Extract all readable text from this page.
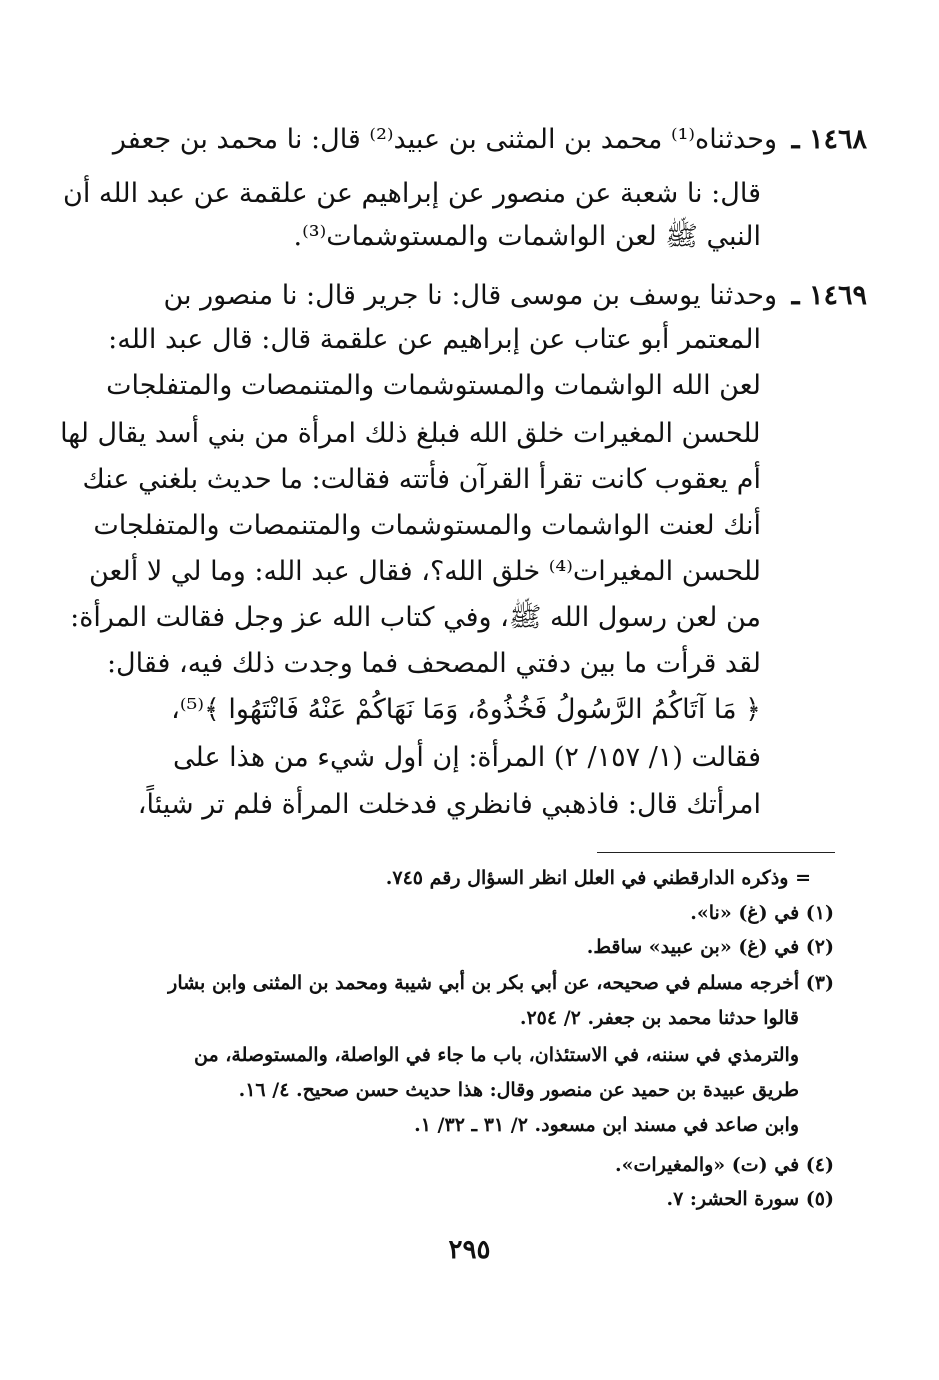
١٤٦٨ ـ
وحدثناه⁽¹⁾ محمد بن المثنى بن عبيد⁽²⁾ قال: نا محمد بن جعفر
قال: نا شعبة عن منصور عن إبراهيم عن علقمة عن عبد الله أن
النبي ﷺ لعن الواشمات والمستوشمات⁽³⁾.
١٤٦٩ ـ
وحدثنا يوسف بن موسى قال: نا جرير قال: نا منصور بن
المعتمر أبو عتاب عن إبراهيم عن علقمة قال: قال عبد الله:
لعن الله الواشمات والمستوشمات والمتنمصات والمتفلجات
للحسن المغيرات خلق الله فبلغ ذلك امرأة من بني أسد يقال لها
أم يعقوب كانت تقرأ القرآن فأتته فقالت: ما حديث بلغني عنك
أنك لعنت الواشمات والمستوشمات والمتنمصات والمتفلجات
للحسن المغيرات⁽⁴⁾ خلق الله؟، فقال عبد الله: وما لي لا ألعن
من لعن رسول الله ﷺ، وفي كتاب الله عز وجل فقالت المرأة:
لقد قرأت ما بين دفتي المصحف فما وجدت ذلك فيه، فقال:
﴿ مَا آتَاكُمُ الرَّسُولُ فَخُذُوهُ، وَمَا نَهَاكُمْ عَنْهُ فَانْتَهُوا ﴾⁽⁵⁾،
فقالت (١/ ١٥٧/ ٢) المرأة: إن أول شيء من هذا على
امرأتك قال: فاذهبي فانظري فدخلت المرأة فلم تر شيئاً،
= وذكره الدارقطني في العلل انظر السؤال رقم ٧٤٥.
(١) في (غ) «نا».
(٢) في (غ) «بن عبيد» ساقط.
(٣) أخرجه مسلم في صحيحه، عن أبي بكر بن أبي شيبة ومحمد بن المثنى وابن بشار
قالوا حدثنا محمد بن جعفر. ٢/ ٢٥٤.
والترمذي في سننه، في الاستئذان، باب ما جاء في الواصلة، والمستوصلة، من
طريق عبيدة بن حميد عن منصور وقال: هذا حديث حسن صحيح. ٤/ ١٦.
وابن صاعد في مسند ابن مسعود. ٢/ ٣١ ـ ٣٢/ ١.
(٤) في (ت) «والمغيرات».
(٥) سورة الحشر: ٧.
٢٩٥
